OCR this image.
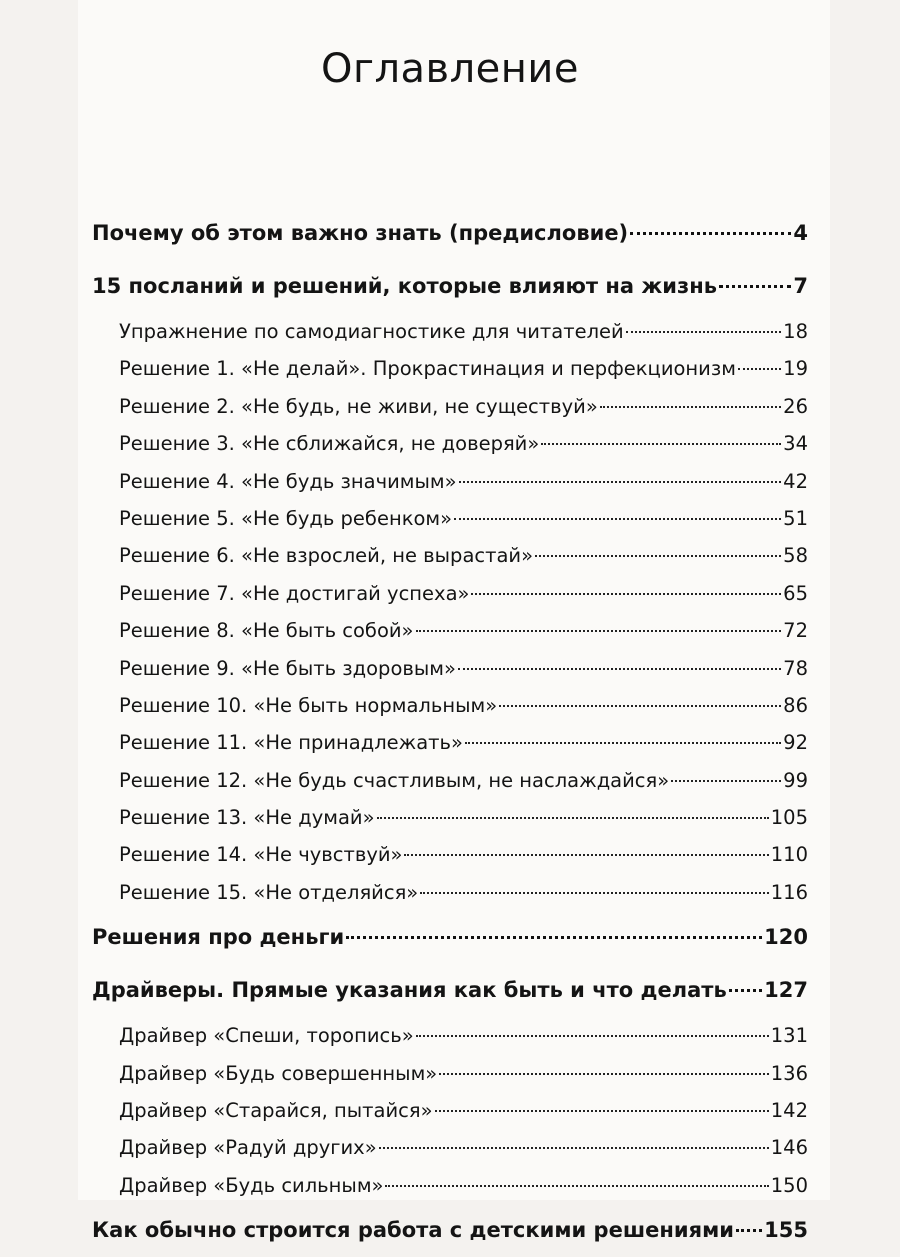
Оглавление
Почему об этом важно знать (предисловие)	4
15 посланий и решений, которые влияют на жизнь	7
Упражнение по самодиагностике для читателей	18
Решение 1. «Не делай». Прокрастинация и перфекционизм 19
Решение 2. «Не будь, не живи, не существуй»	26
Решение 3. «Не сближайся, не доверяй»	34
Решение 4. «Не будь значимым»	42
Решение 5. «Не будь ребенком»	51
Решение 6. «Не взрослей, не вырастай»	58
Решение 7. «Не достигай успеха»	65
Решение 8. «Не быть собой»	72
Решение 9. «Не быть здоровым»	78
Решение 10. «Не быть нормальным»	86
Решение 11. «Не принадлежать»	92
Решение 12. «Не будь счастливым, не наслаждайся»	99
Решение 13. «Не думай»	105
Решение 14. «Не чувствуй»	110
Решение 15. «Не отделяйся»	116
Решения про деньги	120
Драйверы. Прямые указания как быть и что делать 127
Драйвер «Спеши, торопись»	131
Драйвер «Будь совершенным»	136
Драйвер «Старайся, пытайся»	142
Драйвер «Радуй других»	146
Драйвер «Будь сильным»	150
Как обычно строится работа с детскими решениями 155
